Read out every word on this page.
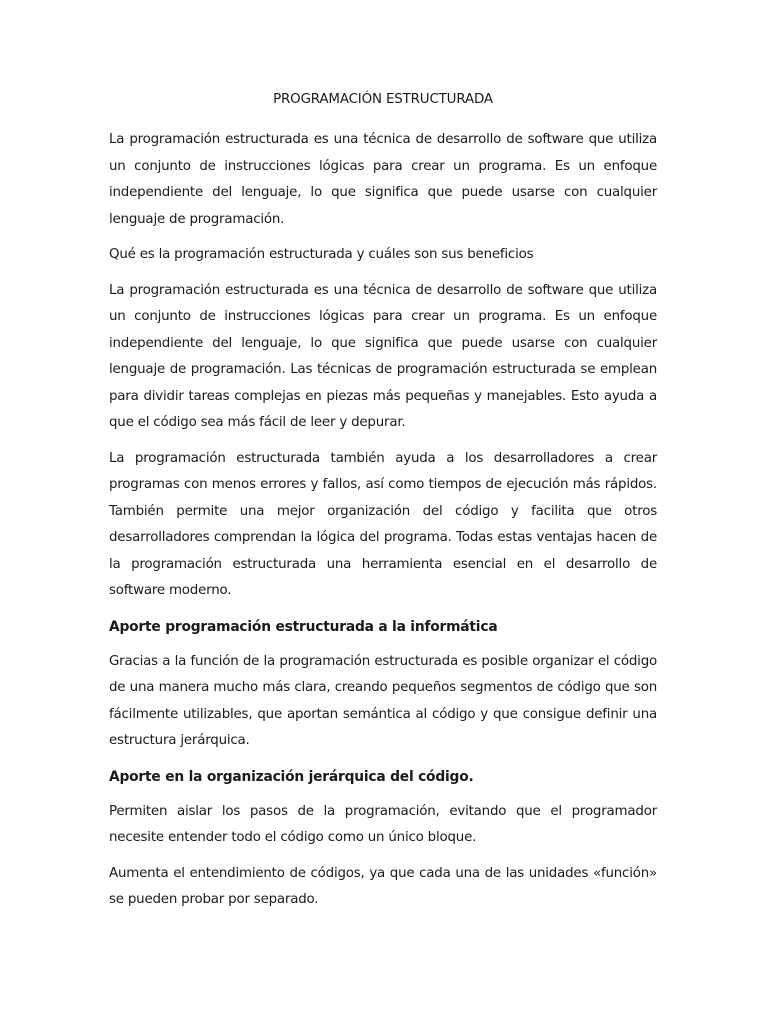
PROGRAMACIÓN ESTRUCTURADA

La programación estructurada es una técnica de desarrollo de software que utiliza un conjunto de instrucciones lógicas para crear un programa. Es un enfoque independiente del lenguaje, lo que significa que puede usarse con cualquier lenguaje de programación.

Qué es la programación estructurada y cuáles son sus beneficios

La programación estructurada es una técnica de desarrollo de software que utiliza un conjunto de instrucciones lógicas para crear un programa. Es un enfoque independiente del lenguaje, lo que significa que puede usarse con cualquier lenguaje de programación. Las técnicas de programación estructurada se emplean para dividir tareas complejas en piezas más pequeñas y manejables. Esto ayuda a que el código sea más fácil de leer y depurar.

La programación estructurada también ayuda a los desarrolladores a crear programas con menos errores y fallos, así como tiempos de ejecución más rápidos. También permite una mejor organización del código y facilita que otros desarrolladores comprendan la lógica del programa. Todas estas ventajas hacen de la programación estructurada una herramienta esencial en el desarrollo de software moderno.

Aporte programación estructurada a la informática

Gracias a la función de la programación estructurada es posible organizar el código de una manera mucho más clara, creando pequeños segmentos de código que son fácilmente utilizables, que aportan semántica al código y que consigue definir una estructura jerárquica.

Aporte en la organización jerárquica del código.

Permiten aislar los pasos de la programación, evitando que el programador necesite entender todo el código como un único bloque.

Aumenta el entendimiento de códigos, ya que cada una de las unidades «función» se pueden probar por separado.
